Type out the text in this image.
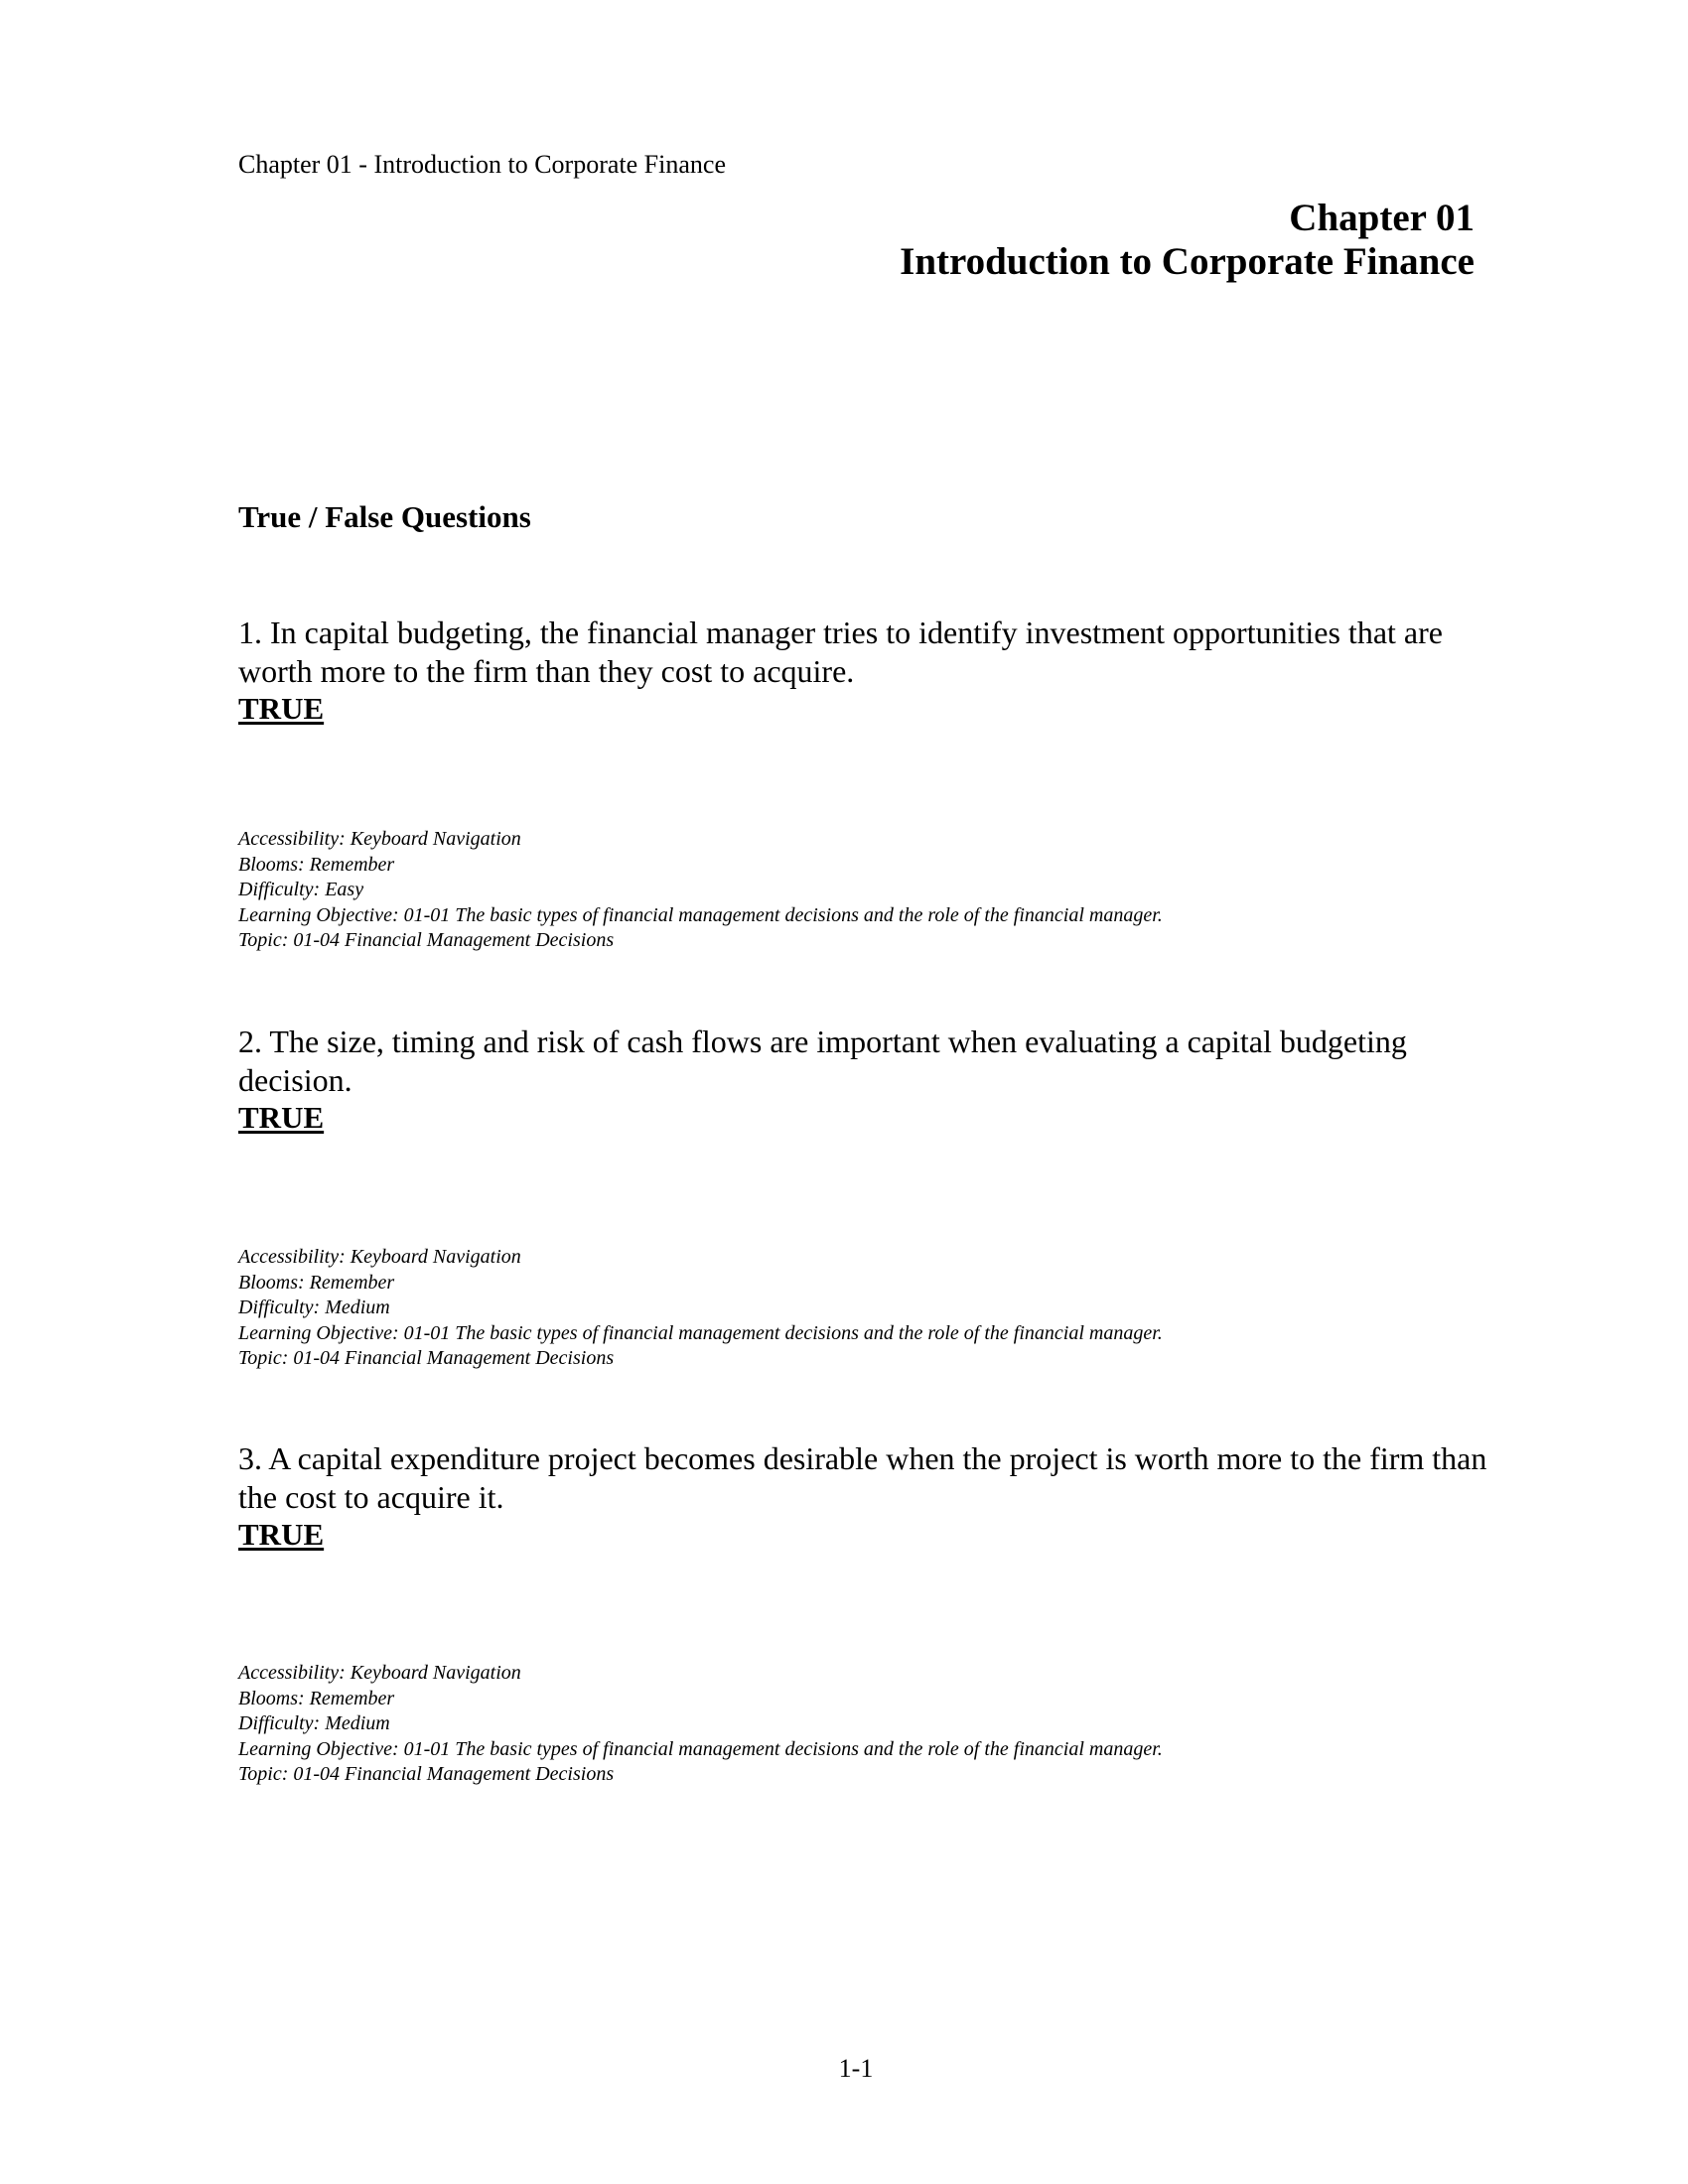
Chapter 01 - Introduction to Corporate Finance
Chapter 01
Introduction to Corporate Finance
True / False Questions
1. In capital budgeting, the financial manager tries to identify investment opportunities that are worth more to the firm than they cost to acquire.
TRUE
Accessibility: Keyboard Navigation
Blooms: Remember
Difficulty: Easy
Learning Objective: 01-01 The basic types of financial management decisions and the role of the financial manager.
Topic: 01-04 Financial Management Decisions
2. The size, timing and risk of cash flows are important when evaluating a capital budgeting decision.
TRUE
Accessibility: Keyboard Navigation
Blooms: Remember
Difficulty: Medium
Learning Objective: 01-01 The basic types of financial management decisions and the role of the financial manager.
Topic: 01-04 Financial Management Decisions
3. A capital expenditure project becomes desirable when the project is worth more to the firm than the cost to acquire it.
TRUE
Accessibility: Keyboard Navigation
Blooms: Remember
Difficulty: Medium
Learning Objective: 01-01 The basic types of financial management decisions and the role of the financial manager.
Topic: 01-04 Financial Management Decisions
1-1
